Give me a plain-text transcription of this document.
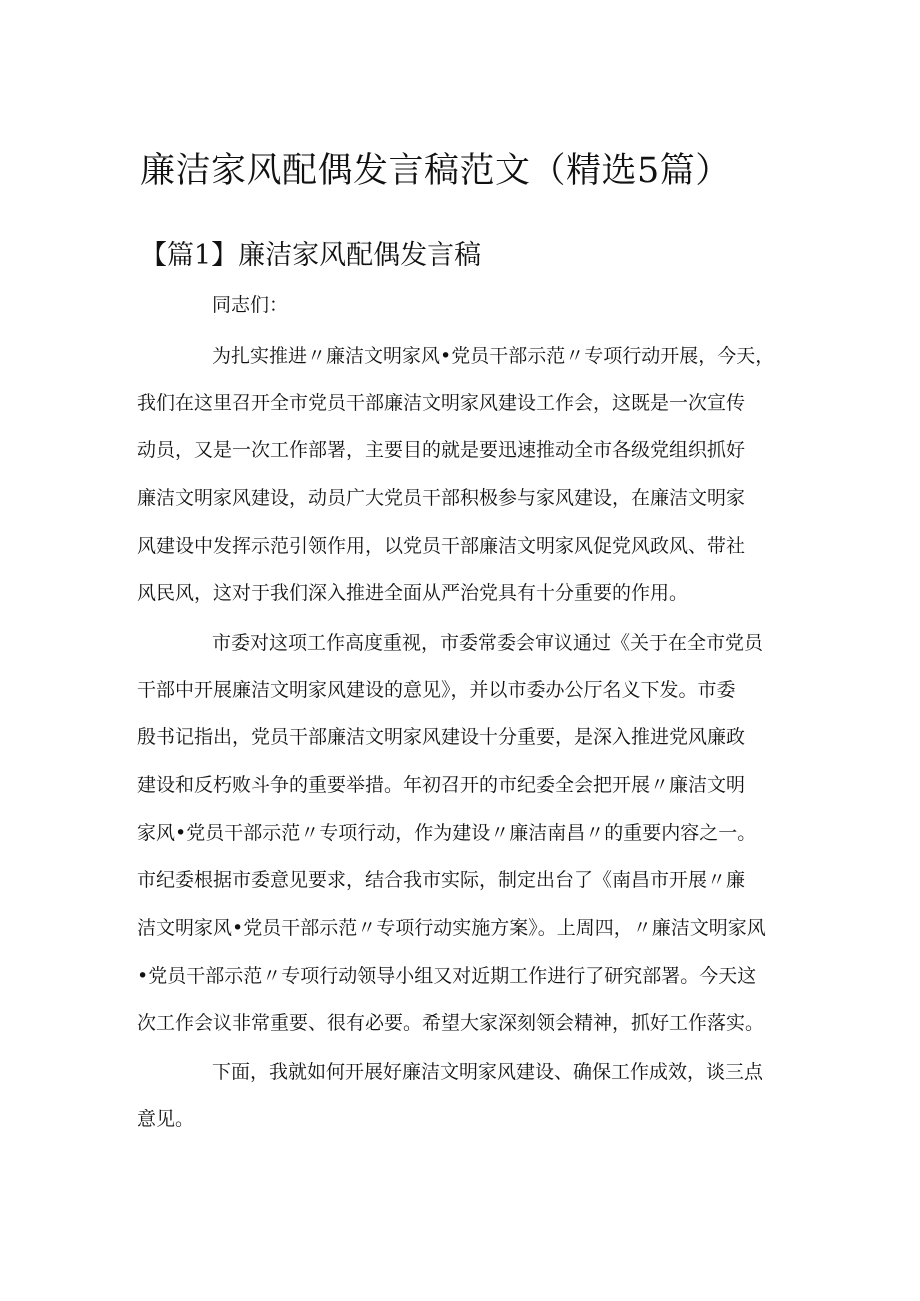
廉洁家风配偶发言稿范文（精选5篇）
【篇1】廉洁家风配偶发言稿

同志们：

为扎实推进〃廉洁文明家风•党员干部示范〃专项行动开展，今天，

我们在这里召开全市党员干部廉洁文明家风建设工作会，这既是一次宣传

动员，又是一次工作部署，主要目的就是要迅速推动全市各级党组织抓好

廉洁文明家风建设，动员广大党员干部积极参与家风建设，在廉洁文明家

风建设中发挥示范引领作用，以党员干部廉洁文明家风促党风政风、带社

风民风，这对于我们深入推进全面从严治党具有十分重要的作用。

市委对这项工作高度重视，市委常委会审议通过《关于在全市党员

干部中开展廉洁文明家风建设的意见》，并以市委办公厅名义下发。市委

殷书记指出，党员干部廉洁文明家风建设十分重要，是深入推进党风廉政

建设和反朽败斗争的重要举措。年初召开的市纪委全会把开展〃廉洁文明

家风•党员干部示范〃专项行动，作为建设〃廉洁南昌〃的重要内容之一。

市纪委根据市委意见要求，结合我市实际，制定出台了《南昌市开展〃廉

洁文明家风•党员干部示范〃专项行动实施方案》。上周四，〃廉洁文明家风

•党员干部示范〃专项行动领导小组又对近期工作进行了研究部署。今天这

次工作会议非常重要、很有必要。希望大家深刻领会精神，抓好工作落实。

下面，我就如何开展好廉洁文明家风建设、确保工作成效，谈三点

意见。
